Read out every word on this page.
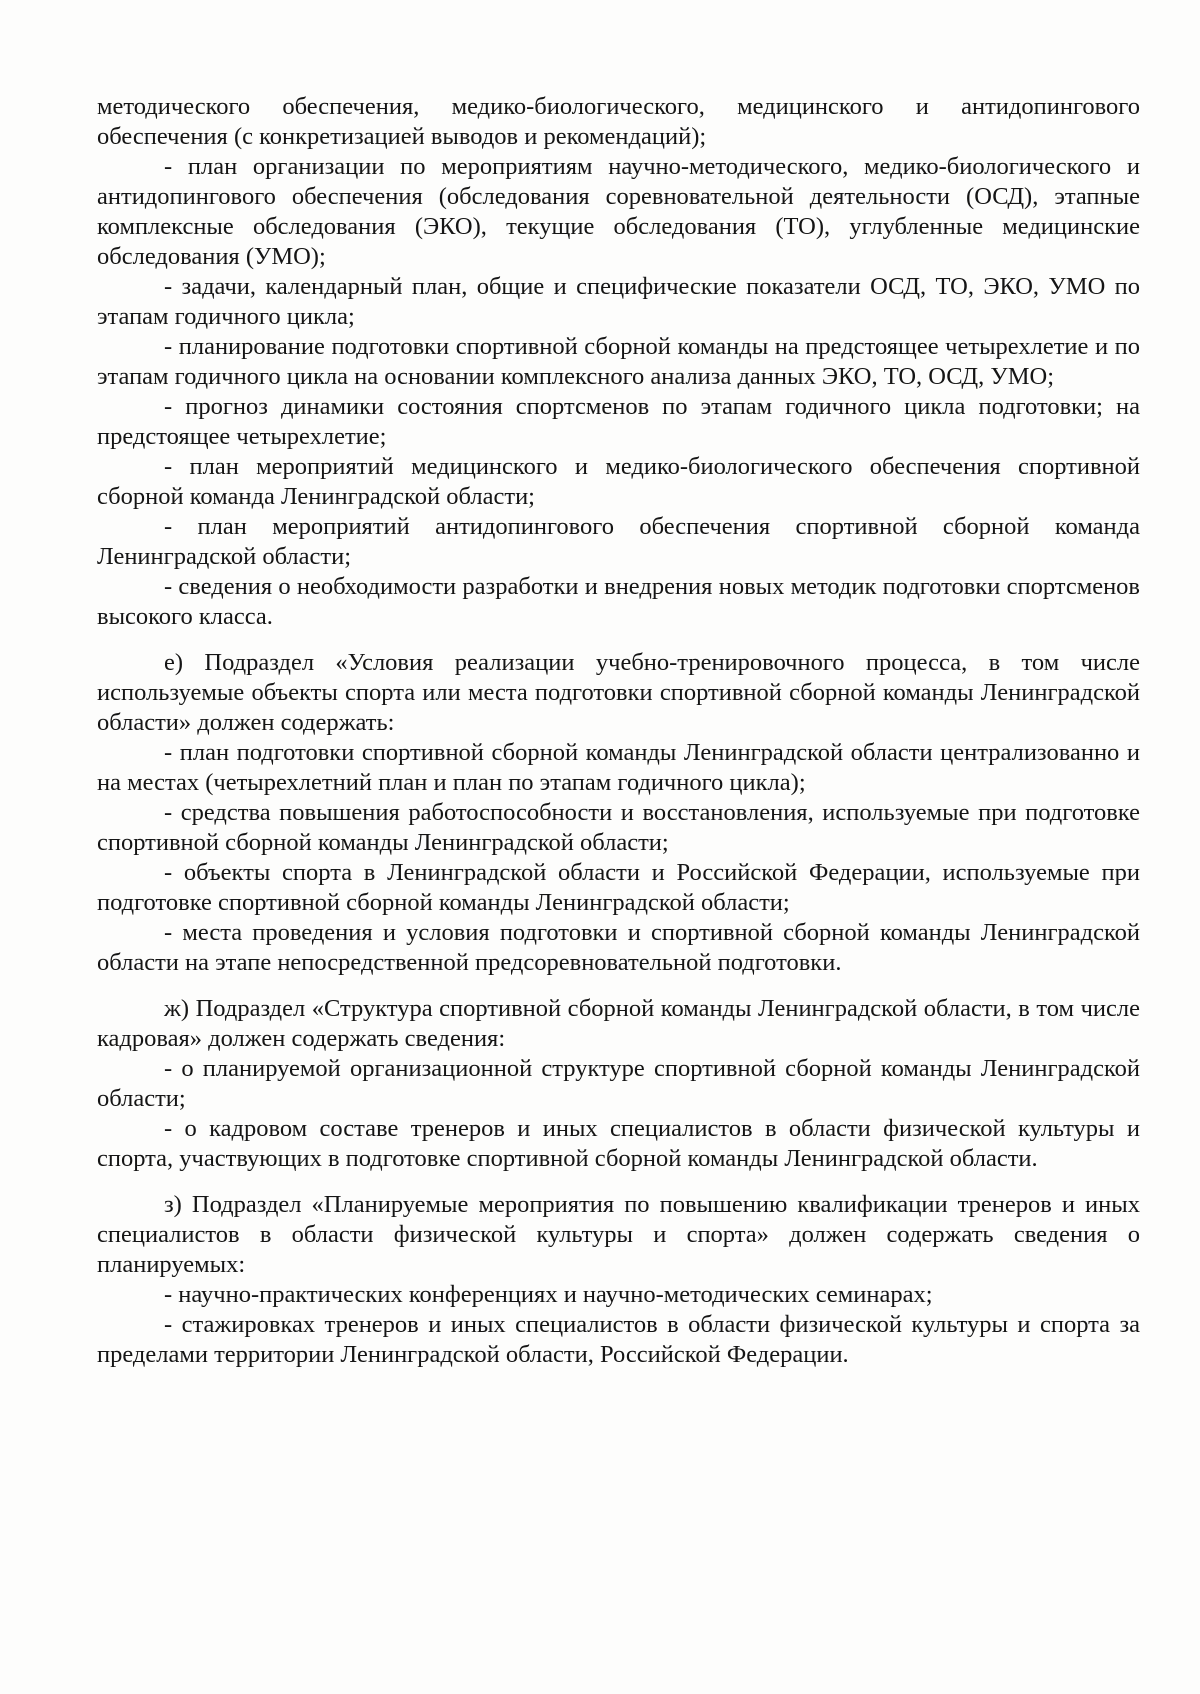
методического обеспечения, медико-биологического, медицинского и антидопингового обеспечения (с конкретизацией выводов и рекомендаций);

- план организации по мероприятиям научно-методического, медико-биологического и антидопингового обеспечения (обследования соревновательной деятельности (ОСД), этапные комплексные обследования (ЭКО), текущие обследования (ТО), углубленные медицинские обследования (УМО);

- задачи, календарный план, общие и специфические показатели ОСД, ТО, ЭКО, УМО по этапам годичного цикла;

- планирование подготовки спортивной сборной команды на предстоящее четырехлетие и по этапам годичного цикла на основании комплексного анализа данных ЭКО, ТО, ОСД, УМО;

- прогноз динамики состояния спортсменов по этапам годичного цикла подготовки; на предстоящее четырехлетие;

- план мероприятий медицинского и медико-биологического обеспечения спортивной сборной команда Ленинградской области;

- план мероприятий антидопингового обеспечения спортивной сборной команда Ленинградской области;

- сведения о необходимости разработки и внедрения новых методик подготовки спортсменов высокого класса.

е) Подраздел «Условия реализации учебно-тренировочного процесса, в том числе используемые объекты спорта или места подготовки спортивной сборной команды Ленинградской области» должен содержать:

- план подготовки спортивной сборной команды Ленинградской области централизованно и на местах (четырехлетний план и план по этапам годичного цикла);

- средства повышения работоспособности и восстановления, используемые при подготовке спортивной сборной команды Ленинградской области;

- объекты спорта в Ленинградской области и Российской Федерации, используемые при подготовке спортивной сборной команды Ленинградской области;

- места проведения и условия подготовки и спортивной сборной команды Ленинградской области на этапе непосредственной предсоревновательной подготовки.

ж) Подраздел «Структура спортивной сборной команды Ленинградской области, в том числе кадровая» должен содержать сведения:

- о планируемой организационной структуре спортивной сборной команды Ленинградской области;

- о кадровом составе тренеров и иных специалистов в области физической культуры и спорта, участвующих в подготовке спортивной сборной команды Ленинградской области.

з) Подраздел «Планируемые мероприятия по повышению квалификации тренеров и иных специалистов в области физической культуры и спорта» должен содержать сведения о планируемых:

- научно-практических конференциях и научно-методических семинарах;

- стажировках тренеров и иных специалистов в области физической культуры и спорта за пределами территории Ленинградской области, Российской Федерации.
